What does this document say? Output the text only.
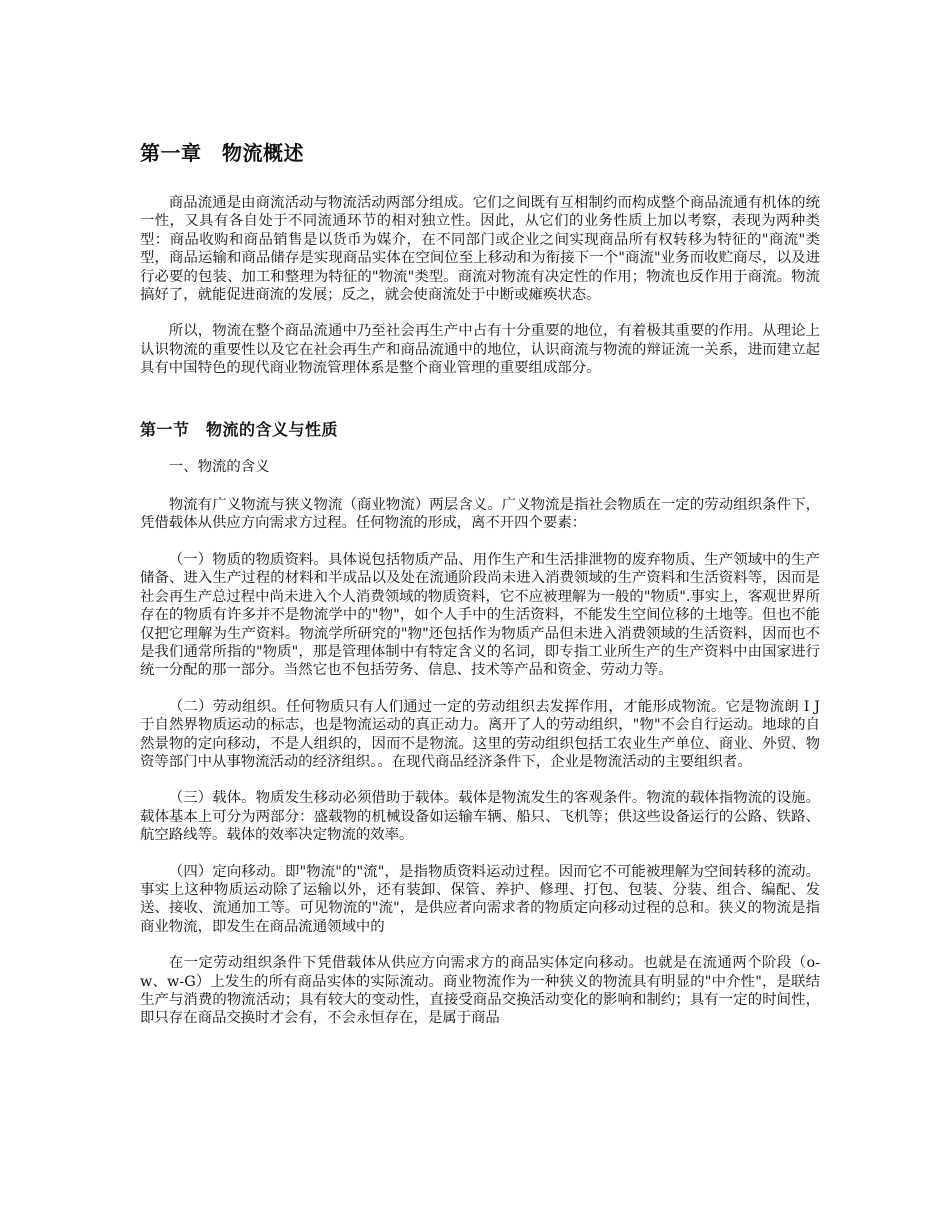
第一章　物流概述

商品流通是由商流活动与物流活动两部分组成。它们之间既有互相制约而构成整个商品流通有机体的统一性，又具有各自处于不同流通环节的相对独立性。因此，从它们的业务性质上加以考察，表现为两种类型：商品收购和商品销售是以货币为媒介，在不同部门或企业之间实现商品所有权转移为特征的"商流"类型，商品运输和商品储存是实现商品实体在空间位至上移动和为衔接下一个"商流"业务而收贮商尽，以及进行必要的包装、加工和整理为特征的"物流"类型。商流对物流有决定性的作用；物流也反作用于商流。物流搞好了，就能促进商流的发展；反之，就会使商流处于中断或瘫痪状态。

所以，物流在整个商品流通中乃至社会再生产中占有十分重要的地位，有着极其重要的作用。从理论上认识物流的重要性以及它在社会再生产和商品流通中的地位，认识商流与物流的辩证流一关系，进而建立起具有中国特色的现代商业物流管理体系是整个商业管理的重要组成部分。

第一节　物流的含义与性质

一、物流的含义

物流有广义物流与狭义物流（商业物流）两层含义。广义物流是指社会物质在一定的劳动组织条件下，凭借载体从供应方向需求方过程。任何物流的形成，离不开四个要素：

（一）物质的物质资料。具体说包括物质产品、用作生产和生活排泄物的废弃物质、生产领域中的生产储备、进入生产过程的材料和半成品以及处在流通阶段尚未进入消费领域的生产资料和生活资料等，因而是社会再生产总过程中尚未进入个人消费领域的物质资料，它不应被理解为一般的"物质".事实上，客观世界所存在的物质有许多并不是物流学中的"物"，如个人手中的生活资料，不能发生空间位移的土地等。但也不能仅把它理解为生产资料。物流学所研究的"物"还包括作为物质产品但未进入消费领域的生活资料，因而也不是我们通常所指的"物质"，那是管理体制中有特定含义的名词，即专指工业所生产的生产资料中由国家进行统一分配的那一部分。当然它也不包括劳务、信息、技术等产品和资金、劳动力等。

（二）劳动组织。任何物质只有人们通过一定的劳动组织去发挥作用，才能形成物流。它是物流朗 I J 于自然界物质运动的标志，也是物流运动的真正动力。离开了人的劳动组织，"物"不会自行运动。地球的自然景物的定向移动，不是人组织的，因而不是物流。这里的劳动组织包括工农业生产单位、商业、外贸、物资等部门中从事物流活动的经济组织。。在现代商品经济条件下，企业是物流活动的主要组织者。

（三）载体。物质发生移动必须借助于载体。载体是物流发生的客观条件。物流的载体指物流的设施。载体基本上可分为两部分：盛载物的机械设备如运输车辆、船只、飞机等；供这些设备运行的公路、铁路、航空路线等。载体的效率决定物流的效率。

（四）定向移动。即"物流"的"流"，是指物质资料运动过程。因而它不可能被理解为空间转移的流动。事实上这种物质运动除了运输以外，还有装卸、保管、养护、修理、打包、包装、分装、组合、编配、发送、接收、流通加工等。可见物流的"流"，是供应者向需求者的物质定向移动过程的总和。狭义的物流是指商业物流，即发生在商品流通领域中的

在一定劳动组织条件下凭借载体从供应方向需求方的商品实体定向移动。也就是在流通两个阶段（o-w、w-G）上发生的所有商品实体的实际流动。商业物流作为一种狭义的物流具有明显的"中介性"，是联结生产与消费的物流活动；具有较大的变动性，直接受商品交换活动变化的影响和制约；具有一定的时间性，即只存在商品交换时才会有，不会永恒存在，是属于商品
